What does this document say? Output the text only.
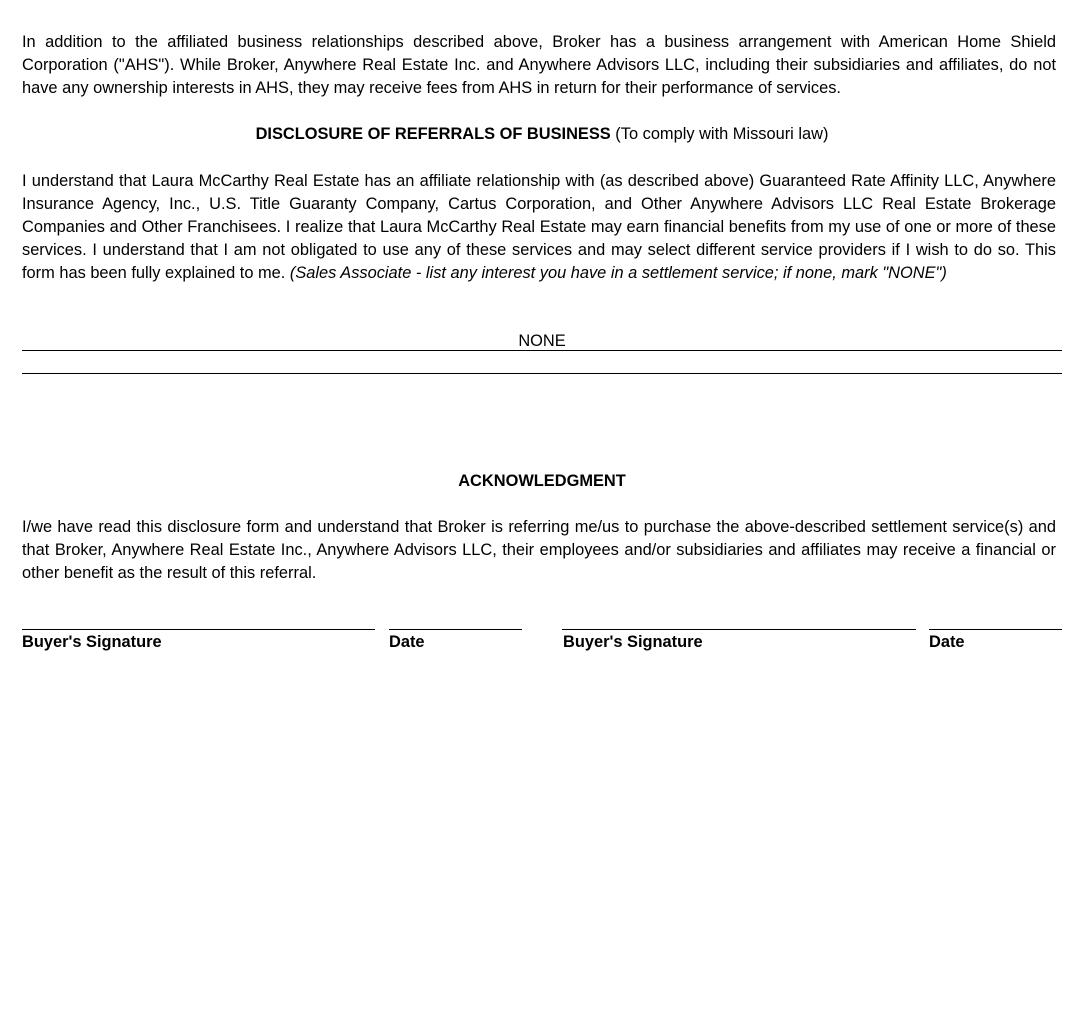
In addition to the affiliated business relationships described above, Broker has a business arrangement with American Home Shield Corporation ("AHS"). While Broker, Anywhere Real Estate Inc. and Anywhere Advisors LLC, including their subsidiaries and affiliates, do not have any ownership interests in AHS, they may receive fees from AHS in return for their performance of services.

DISCLOSURE OF REFERRALS OF BUSINESS (To comply with Missouri law)

I understand that Laura McCarthy Real Estate has an affiliate relationship with (as described above) Guaranteed Rate Affinity LLC, Anywhere Insurance Agency, Inc., U.S. Title Guaranty Company, Cartus Corporation, and Other Anywhere Advisors LLC Real Estate Brokerage Companies and Other Franchisees. I realize that Laura McCarthy Real Estate may earn financial benefits from my use of one or more of these services. I understand that I am not obligated to use any of these services and may select different service providers if I wish to do so. This form has been fully explained to me. (Sales Associate - list any interest you have in a settlement service; if none, mark "NONE")

NONE

ACKNOWLEDGMENT

I/we have read this disclosure form and understand that Broker is referring me/us to purchase the above-described settlement service(s) and that Broker, Anywhere Real Estate Inc., Anywhere Advisors LLC, their employees and/or subsidiaries and affiliates may receive a financial or other benefit as the result of this referral.

Buyer's Signature	Date	Buyer's Signature	Date
